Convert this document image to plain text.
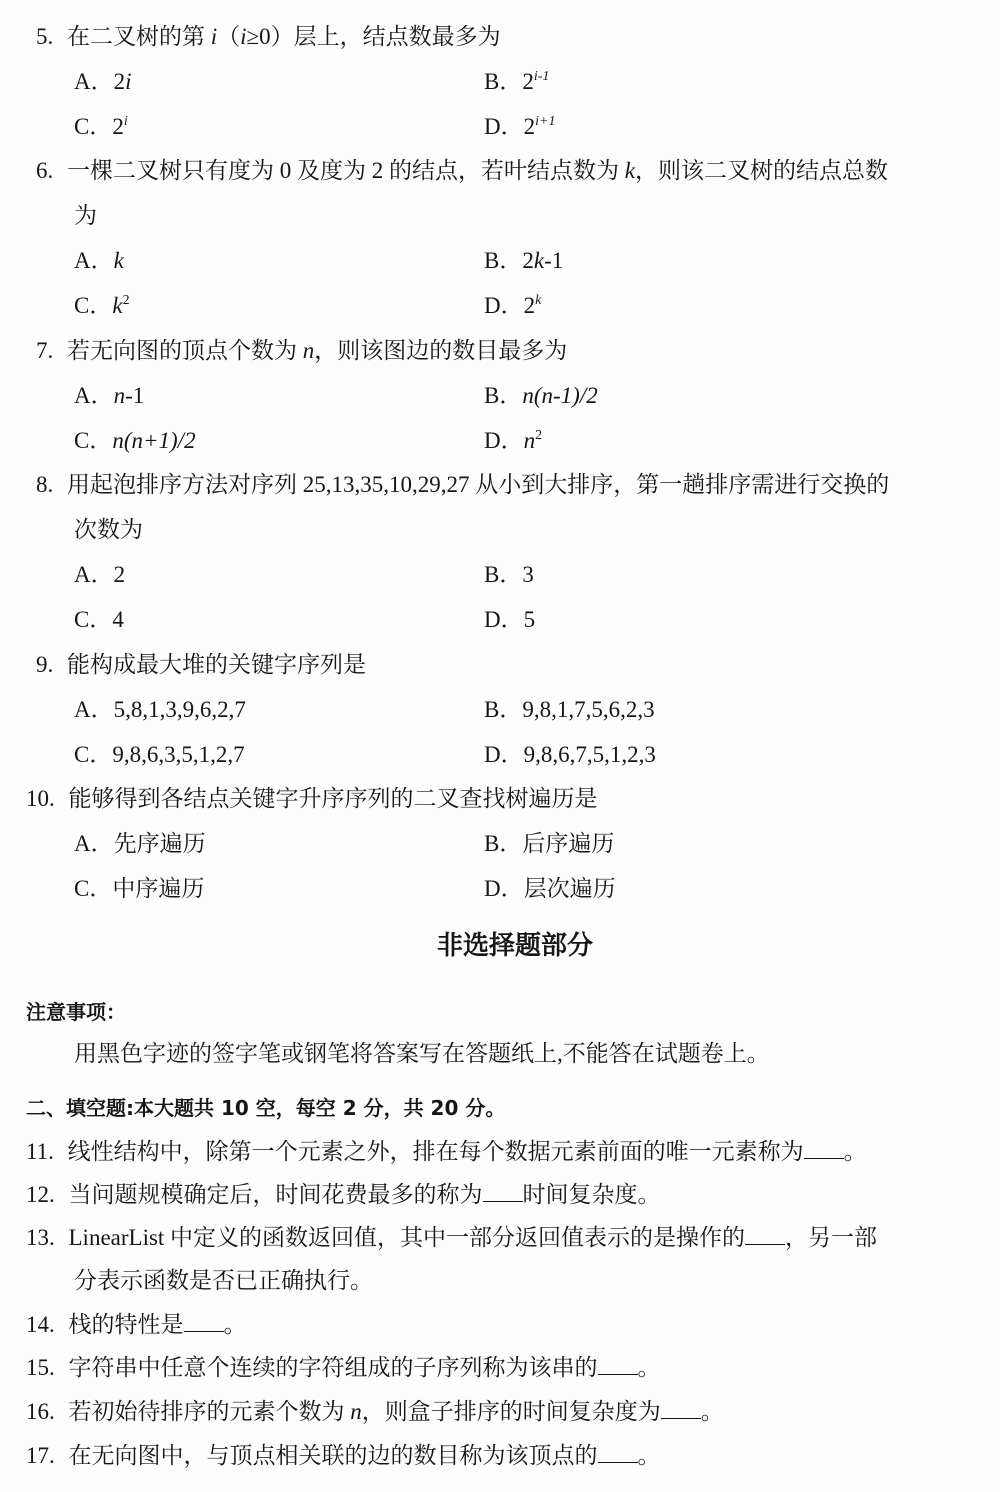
5. 在二叉树的第 i（i≥0）层上，结点数最多为
A．2i	B．2$^{i-1}$
C．2$^i$	D．$2^{i+1}$
6. 一棵二叉树只有度为 0 及度为 2 的结点，若叶结点数为 k，则该二叉树的结点总数
为
A．k	B．2k-1
C．$k^2$	D．2$^k$
7. 若无向图的顶点个数为 n，则该图边的数目最多为
A．n-1	B．n(n-1)/2
C．n(n+1)/2	D．$n^2$
8. 用起泡排序方法对序列 25,13,35,10,29,27 从小到大排序，第一趟排序需进行交换的
次数为
A．2	B．3
C．4	D．5
9. 能构成最大堆的关键字序列是
A．5,8,1,3,9,6,2,7	B．9,8,1,7,5,6,2,3
C．9,8,6,3,5,1,2,7	D．9,8,6,7,5,1,2,3
10. 能够得到各结点关键字升序序列的二叉查找树遍历是
A．先序遍历	B．后序遍历
C．中序遍历	D．层次遍历
非选择题部分
注意事项：
用黑色字迹的签字笔或钢笔将答案写在答题纸上,不能答在试题卷上。
二、填空题:本大题共 10 空，每空 2 分，共 20 分。
11. 线性结构中，除第一个元素之外，排在每个数据元素前面的唯一元素称为 。
12. 当问题规模确定后，时间花费最多的称为 时间复杂度。
13. LinearList 中定义的函数返回值，其中一部分返回值表示的是操作的 ，另一部
分表示函数是否已正确执行。
14. 栈的特性是 。
15. 字符串中任意个连续的字符组成的子序列称为该串的 。
16. 若初始待排序的元素个数为 n，则盒子排序的时间复杂度为 。
17. 在无向图中，与顶点相关联的边的数目称为该顶点的 。
